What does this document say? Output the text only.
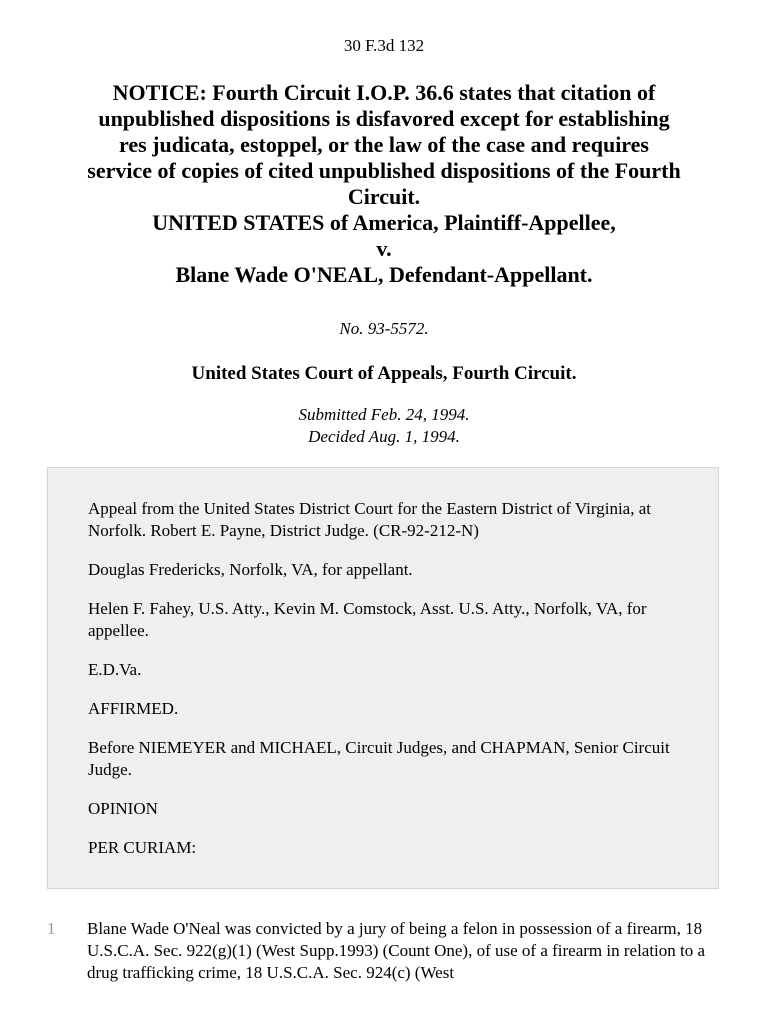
30 F.3d 132
NOTICE: Fourth Circuit I.O.P. 36.6 states that citation of
unpublished dispositions is disfavored except for establishing
res judicata, estoppel, or the law of the case and requires
service of copies of cited unpublished dispositions of the Fourth
Circuit.
UNITED STATES of America, Plaintiff-Appellee,
v.
Blane Wade O'NEAL, Defendant-Appellant.
No. 93-5572.
United States Court of Appeals, Fourth Circuit.
Submitted Feb. 24, 1994.
Decided Aug. 1, 1994.

Appeal from the United States District Court for the Eastern District of Virginia, at Norfolk. Robert E. Payne, District Judge. (CR-92-212-N)

Douglas Fredericks, Norfolk, VA, for appellant.

Helen F. Fahey, U.S. Atty., Kevin M. Comstock, Asst. U.S. Atty., Norfolk, VA, for appellee.

E.D.Va.

AFFIRMED.

Before NIEMEYER and MICHAEL, Circuit Judges, and CHAPMAN, Senior Circuit Judge.

OPINION

PER CURIAM:

1 Blane Wade O'Neal was convicted by a jury of being a felon in possession of a firearm, 18 U.S.C.A. Sec. 922(g)(1) (West Supp.1993) (Count One), of use of a firearm in relation to a drug trafficking crime, 18 U.S.C.A. Sec. 924(c) (West
